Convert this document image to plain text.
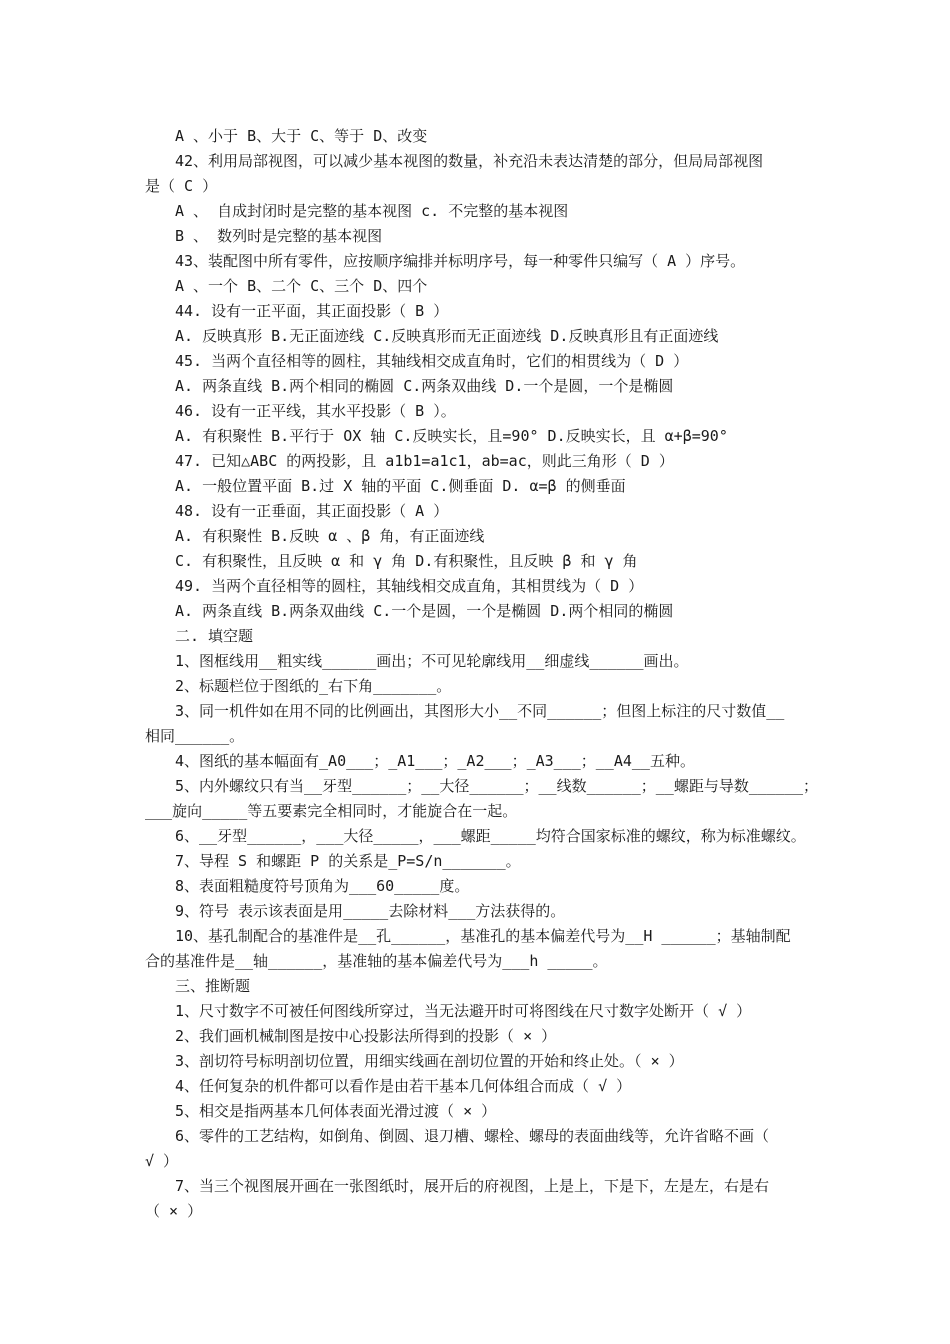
A 、小于 B、大于 C、等于 D、改变
42、利用局部视图，可以减少基本视图的数量，补充沿未表达清楚的部分，但局局部视图
是（ C ）
A 、 自成封闭时是完整的基本视图 c. 不完整的基本视图
B 、 数列时是完整的基本视图
43、装配图中所有零件，应按顺序编排并标明序号，每一种零件只编写（ A ）序号。
A 、一个 B、二个 C、三个 D、四个
44. 设有一正平面，其正面投影（ B ）
A. 反映真形 B.无正面迹线 C.反映真形而无正面迹线 D.反映真形且有正面迹线
45. 当两个直径相等的圆柱，其轴线相交成直角时，它们的相贯线为（ D ）
A. 两条直线 B.两个相同的椭圆 C.两条双曲线 D.一个是圆，一个是椭圆
46. 设有一正平线，其水平投影（ B ）。
A. 有积聚性 B.平行于 OX 轴 C.反映实长，且=90° D.反映实长，且 α+β=90°
47. 已知△ABC 的两投影，且 a1b1=a1c1，ab=ac，则此三角形（ D ）
A. 一般位置平面 B.过 X 轴的平面 C.侧垂面 D. α=β 的侧垂面
48. 设有一正垂面，其正面投影（ A ）
A. 有积聚性 B.反映 α 、β 角，有正面迹线
C. 有积聚性，且反映 α 和 γ 角 D.有积聚性，且反映 β 和 γ 角
49. 当两个直径相等的圆柱，其轴线相交成直角，其相贯线为（ D ）
A. 两条直线 B.两条双曲线 C.一个是圆，一个是椭圆 D.两个相同的椭圆
二. 填空题
1、图框线用__粗实线______画出；不可见轮廓线用__细虚线______画出。
2、标题栏位于图纸的_右下角_______。
3、同一机件如在用不同的比例画出，其图形大小__不同______；但图上标注的尺寸数值__
相同______。
4、图纸的基本幅面有_A0___；_A1___；_A2___；_A3___；__A4__五种。
5、内外螺纹只有当__牙型______；__大径______；__线数______；__螺距与导数______；
___旋向_____等五要素完全相同时，才能旋合在一起。
6、__牙型______，___大径_____，___螺距_____均符合国家标准的螺纹，称为标准螺纹。
7、导程 S 和螺距 P 的关系是_P=S/n_______。
8、表面粗糙度符号顶角为___60_____度。
9、符号 表示该表面是用_____去除材料___方法获得的。
10、基孔制配合的基准件是__孔______，基准孔的基本偏差代号为__H ______；基轴制配
合的基准件是__轴______，基准轴的基本偏差代号为___h _____。
三、推断题
1、尺寸数字不可被任何图线所穿过，当无法避开时可将图线在尺寸数字处断开（ √ ）
2、我们画机械制图是按中心投影法所得到的投影（ × ）
3、剖切符号标明剖切位置，用细实线画在剖切位置的开始和终止处。（ × ）
4、任何复杂的机件都可以看作是由若干基本几何体组合而成（ √ ）
5、相交是指两基本几何体表面光滑过渡（ × ）
6、零件的工艺结构，如倒角、倒圆、退刀槽、螺栓、螺母的表面曲线等，允许省略不画（
√ ）
7、当三个视图展开画在一张图纸时，展开后的府视图，上是上，下是下，左是左，右是右
（ × ）
